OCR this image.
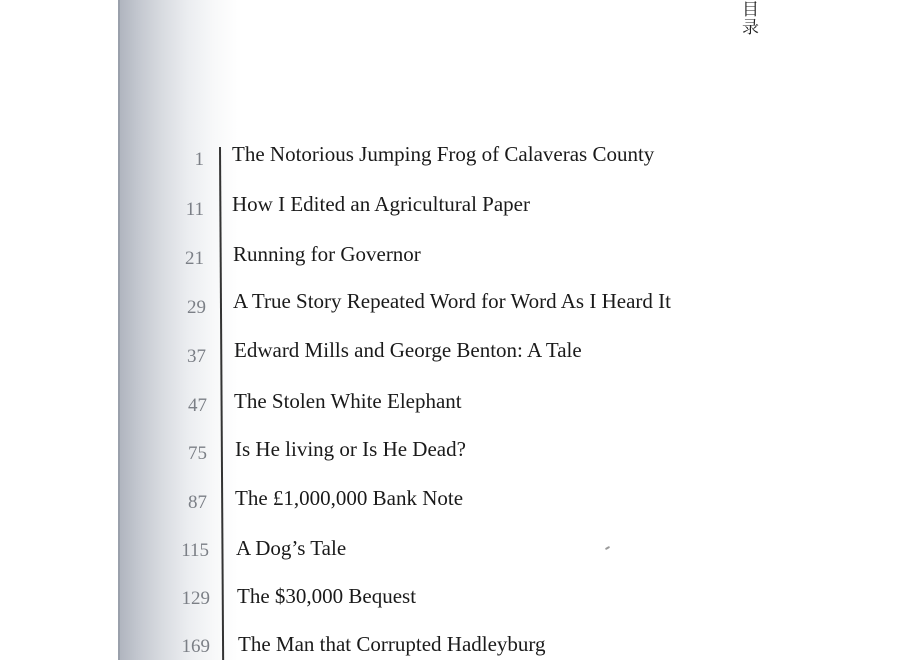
目录
1 The Notorious Jumping Frog of Calaveras County
11 How I Edited an Agricultural Paper
21 Running for Governor
29 A True Story Repeated Word for Word As I Heard It
37 Edward Mills and George Benton: A Tale
47 The Stolen White Elephant
75 Is He living or Is He Dead?
87 The £1,000,000 Bank Note
115 A Dog’s Tale
129 The $30,000 Bequest
169 The Man that Corrupted Hadleyburg
